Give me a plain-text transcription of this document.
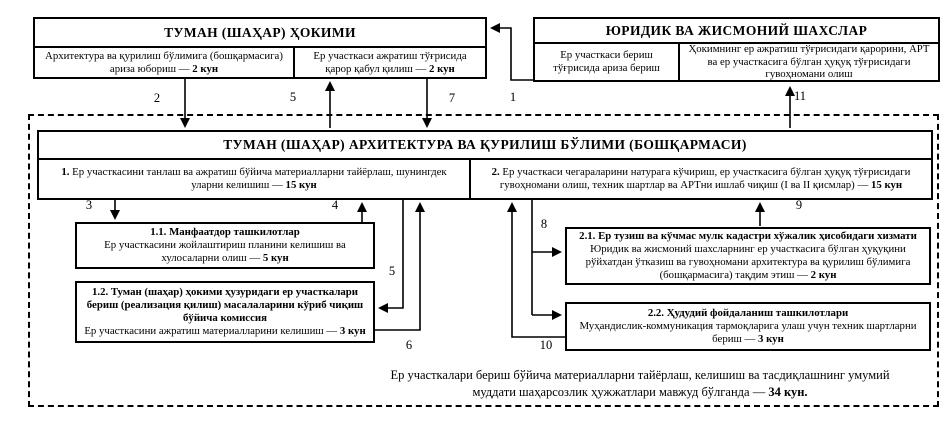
ТУМАН (ШАҲАР) ҲОКИМИ
Архитектура ва қурилиш бўлимига (бошқармасига) ариза юбориш — 2 кун
Ер участкаси ажратиш тўғрисида қарор қабул қилиш — 2 кун
ЮРИДИК ВА ЖИСМОНИЙ ШАХСЛАР
Ер участкаси бериш тўғрисида ариза бериш
Ҳокимнинг ер ажратиш тўғрисидаги қарорини, АРТ ва ер участкасига бўлган ҳуқуқ тўғрисидаги гувоҳномани олиш
ТУМАН (ШАҲАР) АРХИТЕКТУРА ВА ҚУРИЛИШ БЎЛИМИ (БОШҚАРМАСИ)
1. Ер участкасини танлаш ва ажратиш бўйича материалларни тайёрлаш, шунингдек уларни келишиш — 15 кун
2. Ер участкаси чегараларини натурага кўчириш, ер участкасига бўлган ҳуқуқ тўғрисидаги гувоҳномани олиш, техник шартлар ва АРТни ишлаб чиқиш (I ва II қисмлар) — 15 кун
1.1. Манфаатдор ташкилотлар
Ер участкасини жойлаштириш планини келишиш ва хулосаларни олиш — 5 кун
1.2. Туман (шаҳар) ҳокими ҳузуридаги ер участкалари бериш (реализация қилиш) масалаларини кўриб чиқиш бўйича комиссия
Ер участкасини ажратиш материалларини келишиш — 3 кун
2.1. Ер тузиш ва кўчмас мулк кадастри хўжалик ҳисобидаги хизмати
Юридик ва жисмоний шахсларнинг ер участкасига бўлган ҳуқуқини рўйхатдан ўтказиш ва гувоҳномани архитектура ва қурилиш бўлимига (бошқармасига) тақдим этиш — 2 кун
2.2. Ҳудудий фойдаланиш ташкилотлари
Муҳандислик-коммуникация тармоқларига улаш учун техник шартларни бериш — 3 кун
Ер участкалари бериш бўйича материалларни тайёрлаш, келишиш ва тасдиқлашнинг умумий
муддати шаҳарсозлик ҳужжатлари мавжуд бўлганда — 34 кун.
1
2
3	4
5
5
6
7
8
9
10
11
